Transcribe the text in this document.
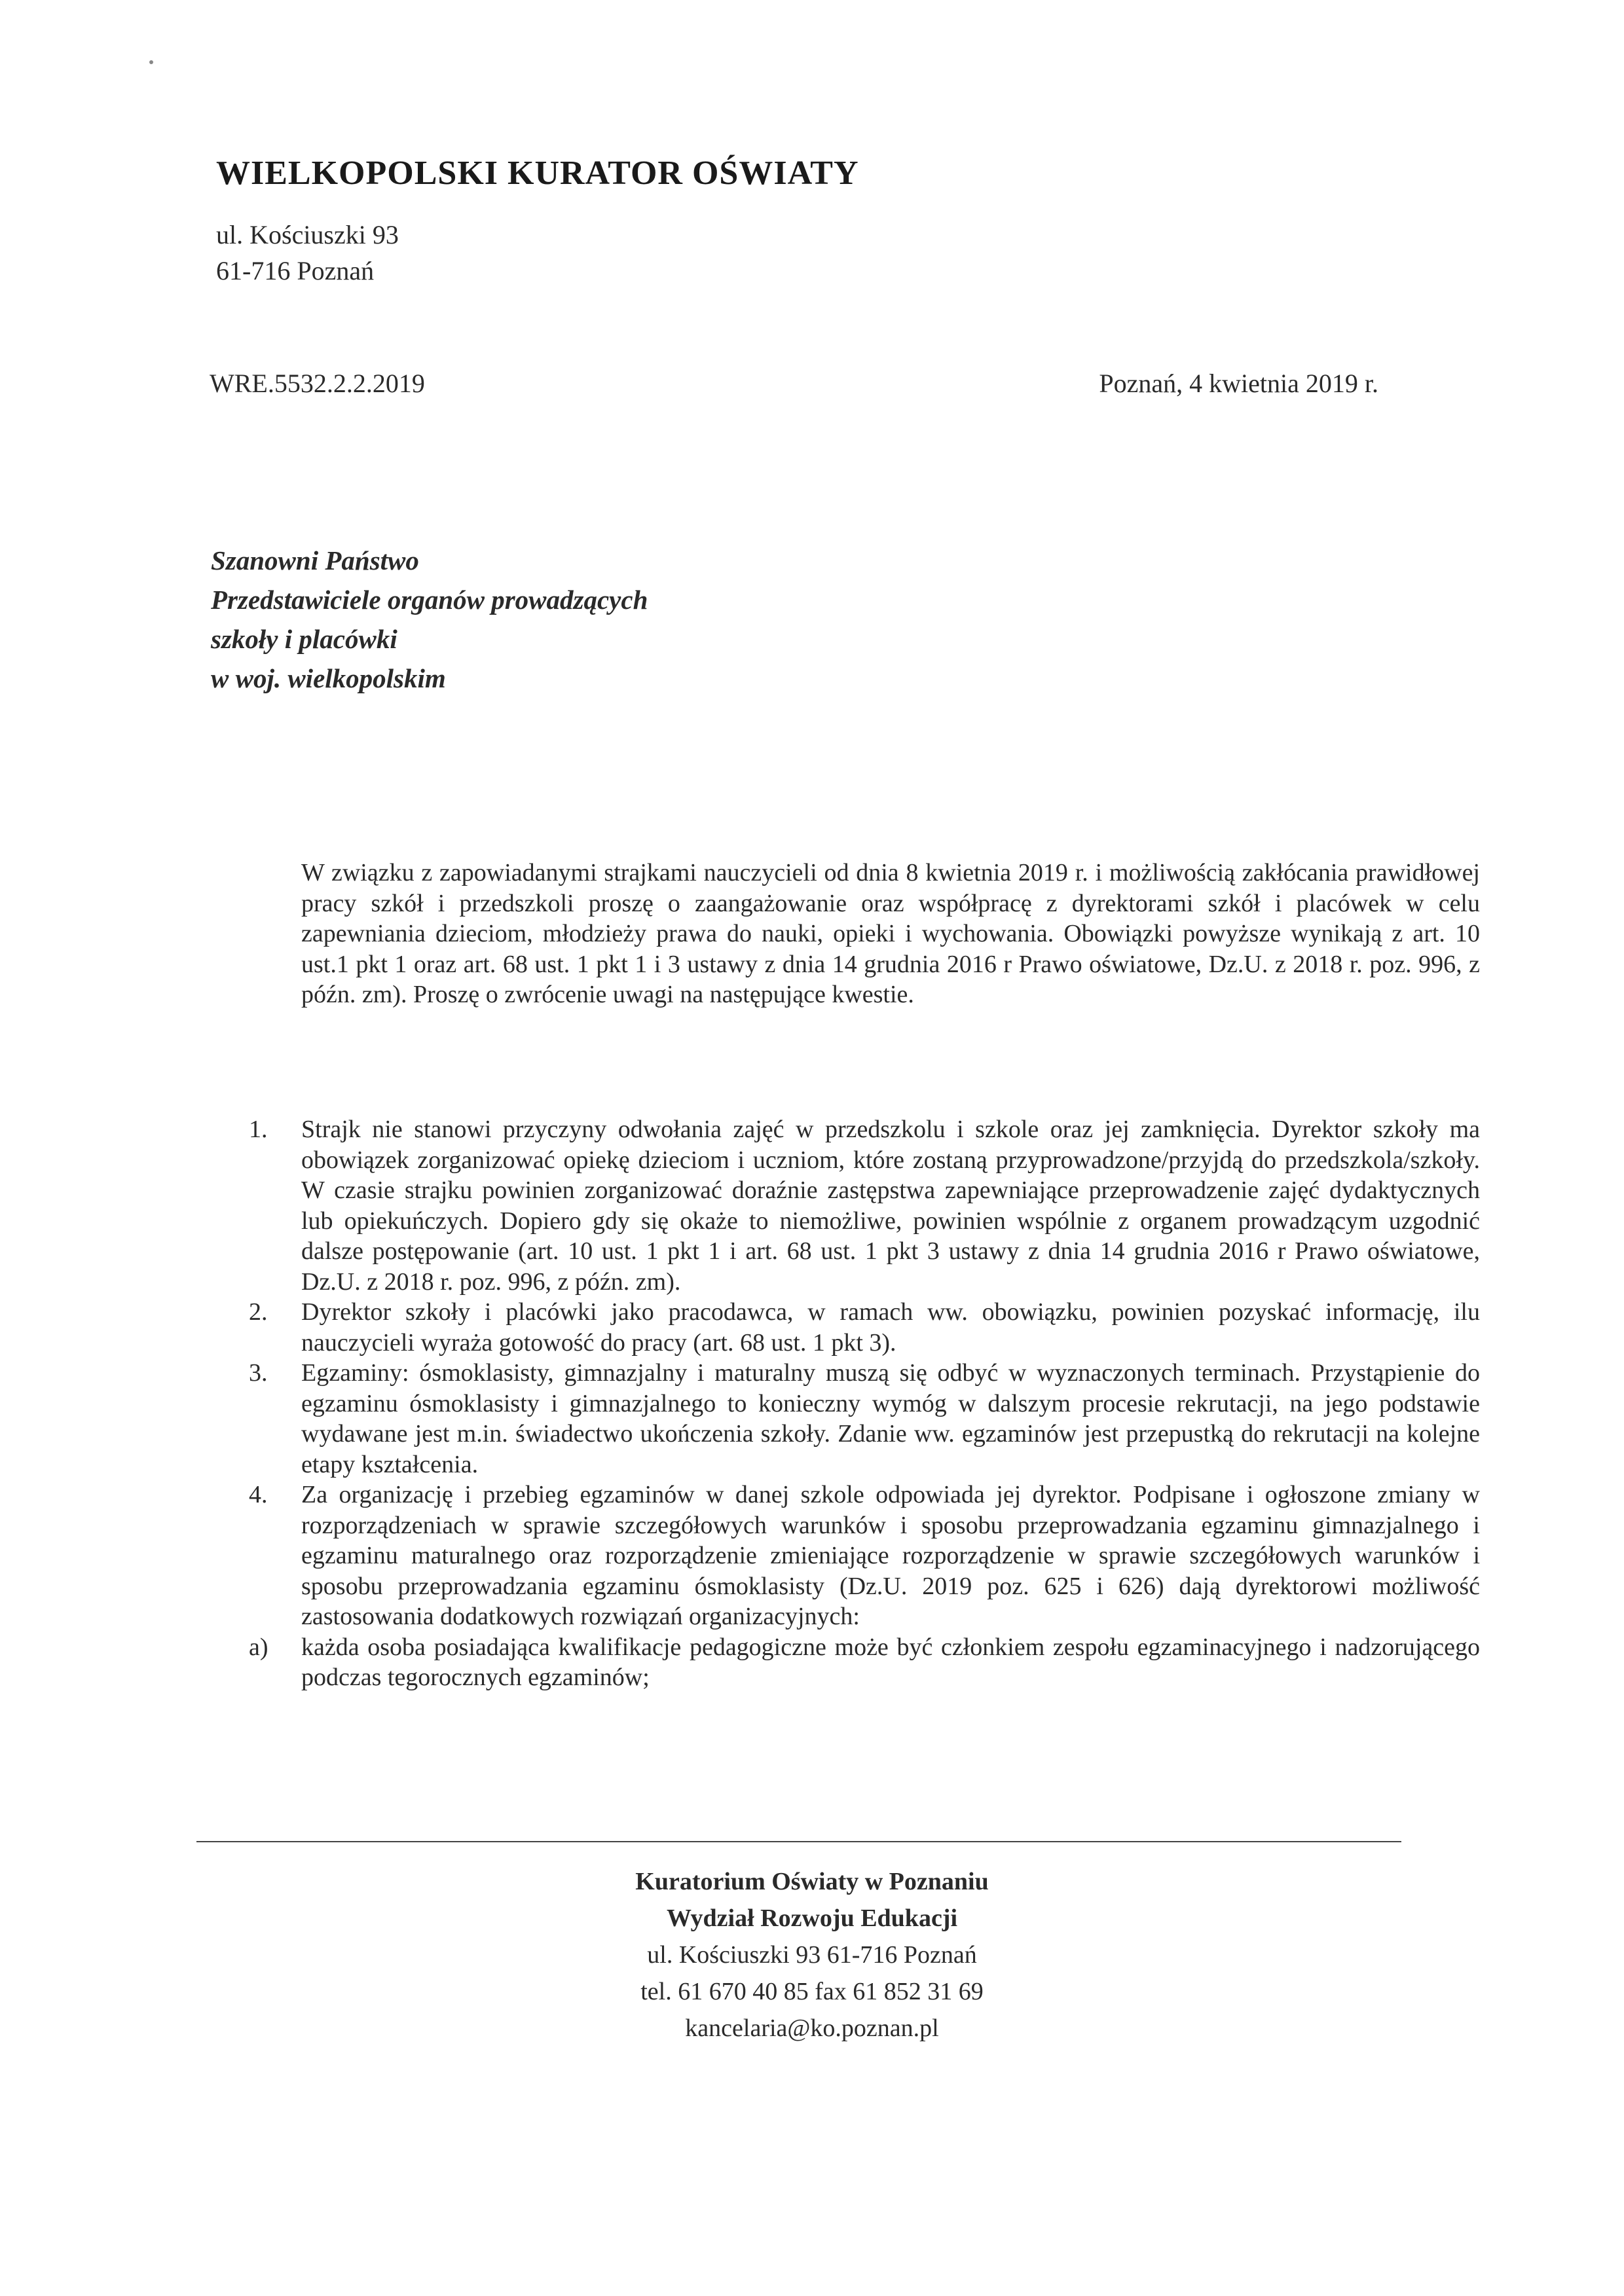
WIELKOPOLSKI KURATOR OŚWIATY
ul. Kościuszki 93
61-716 Poznań
WRE.5532.2.2.2019	Poznań, 4 kwietnia 2019 r.
Szanowni Państwo
Przedstawiciele organów prowadzących
szkoły i placówki
w woj. wielkopolskim

W związku z zapowiadanymi strajkami nauczycieli od dnia 8 kwietnia 2019 r. i możliwością zakłócania prawidłowej pracy szkół i przedszkoli proszę o zaangażowanie oraz współpracę z dyrektorami szkół i placówek w celu zapewniania dzieciom, młodzieży prawa do nauki, opieki i wychowania. Obowiązki powyższe wynikają z art. 10 ust.1 pkt 1 oraz art. 68 ust. 1 pkt 1 i 3 ustawy z dnia 14 grudnia 2016 r Prawo oświatowe, Dz.U. z 2018 r. poz. 996, z późn. zm). Proszę o zwrócenie uwagi na następujące kwestie.

1.	Strajk nie stanowi przyczyny odwołania zajęć w przedszkolu i szkole oraz jej zamknięcia. Dyrektor szkoły ma obowiązek zorganizować opiekę dzieciom i uczniom, które zostaną przyprowadzone/przyjdą do przedszkola/szkoły. W czasie strajku powinien zorganizować doraźnie zastępstwa zapewniające przeprowadzenie zajęć dydaktycznych lub opiekuńczych. Dopiero gdy się okaże to niemożliwe, powinien wspólnie z organem prowadzącym uzgodnić dalsze postępowanie (art. 10 ust. 1 pkt 1 i art. 68 ust. 1 pkt 3 ustawy z dnia 14 grudnia 2016 r Prawo oświatowe, Dz.U. z 2018 r. poz. 996, z późn. zm).
2.	Dyrektor szkoły i placówki jako pracodawca, w ramach ww. obowiązku, powinien pozyskać informację, ilu nauczycieli wyraża gotowość do pracy (art. 68 ust. 1 pkt 3).
3.	Egzaminy: ósmoklasisty, gimnazjalny i maturalny muszą się odbyć w wyznaczonych terminach. Przystąpienie do egzaminu ósmoklasisty i gimnazjalnego to konieczny wymóg w dalszym procesie rekrutacji, na jego podstawie wydawane jest m.in. świadectwo ukończenia szkoły. Zdanie ww. egzaminów jest przepustką do rekrutacji na kolejne etapy kształcenia.
4.	Za organizację i przebieg egzaminów w danej szkole odpowiada jej dyrektor. Podpisane i ogłoszone zmiany w rozporządzeniach w sprawie szczegółowych warunków i sposobu przeprowadzania egzaminu gimnazjalnego i egzaminu maturalnego oraz rozporządzenie zmieniające rozporządzenie w sprawie szczegółowych warunków i sposobu przeprowadzania egzaminu ósmoklasisty (Dz.U. 2019 poz. 625 i 626) dają dyrektorowi możliwość zastosowania dodatkowych rozwiązań organizacyjnych:
a)	każda osoba posiadająca kwalifikacje pedagogiczne może być członkiem zespołu egzaminacyjnego i nadzorującego podczas tegorocznych egzaminów;
Kuratorium Oświaty w Poznaniu
Wydział Rozwoju Edukacji
ul. Kościuszki 93 61-716 Poznań
tel. 61 670 40 85 fax 61 852 31 69
kancelaria@ko.poznan.pl
